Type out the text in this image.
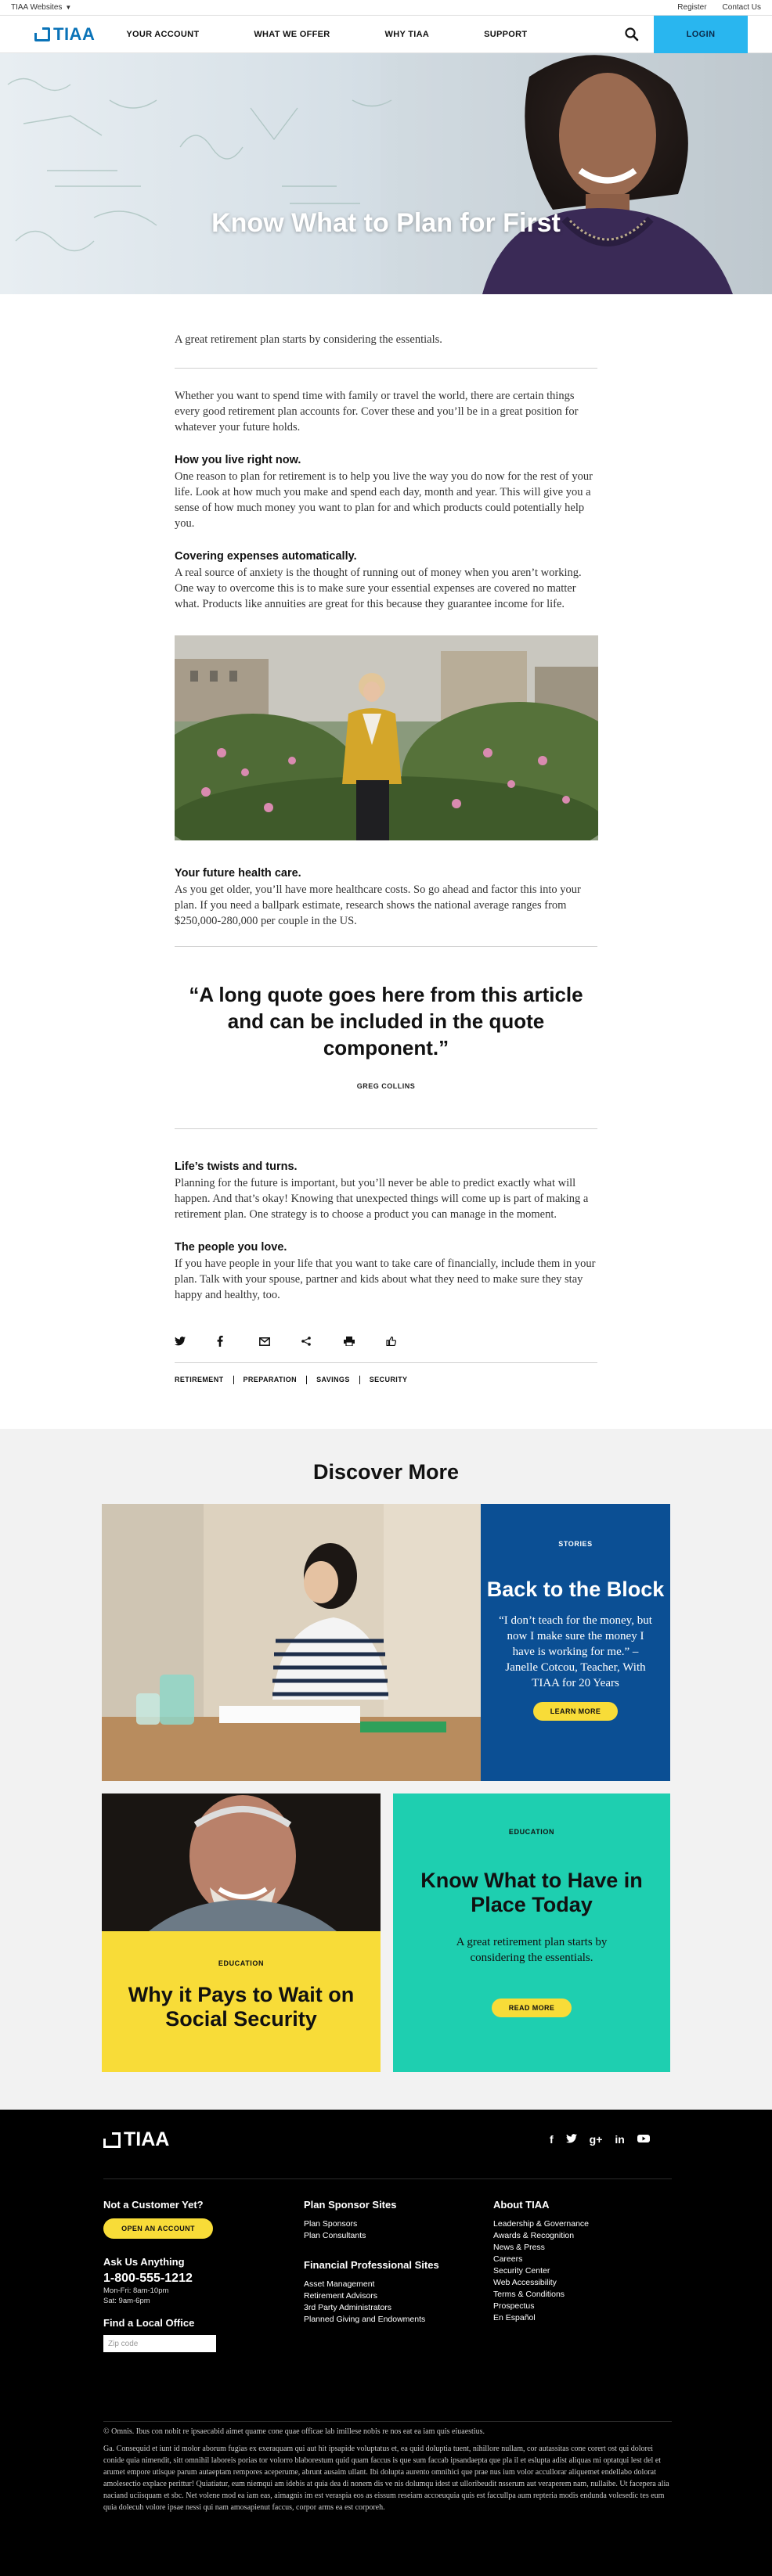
TIAA Websites ▼	Register Contact Us
TIAA	YOUR ACCOUNT	WHAT WE OFFER	WHY TIAA	SUPPORT	LOGIN
Know What to Plan for First
A great retirement plan starts by considering the essentials.
Whether you want to spend time with family or travel the world, there are certain things every good retirement plan accounts for. Cover these and you’ll be in a great position for whatever your future holds.
How you live right now.
One reason to plan for retirement is to help you live the way you do now for the rest of your life. Look at how much you make and spend each day, month and year. This will give you a sense of how much money you want to plan for and which products could potentially help you.
Covering expenses automatically.
A real source of anxiety is the thought of running out of money when you aren’t working. One way to overcome this is to make sure your essential expenses are covered no matter what. Products like annuities are great for this because they guarantee income for life.
Your future health care.
As you get older, you’ll have more healthcare costs. So go ahead and factor this into your plan. If you need a ballpark estimate, research shows the national average ranges from $250,000-280,000 per couple in the US.
“A long quote goes here from this article and can be included in the quote component.”
GREG COLLINS
Life’s twists and turns.
Planning for the future is important, but you’ll never be able to predict exactly what will happen. And that’s okay! Knowing that unexpected things will come up is part of making a retirement plan. One strategy is to choose a product you can manage in the moment.
The people you love.
If you have people in your life that you want to take care of financially, include them in your plan. Talk with your spouse, partner and kids about what they need to make sure they stay happy and healthy, too.
RETIREMENT	PREPARATION	SAVINGS	SECURITY
Discover More
STORIES
Back to the Block
“I don’t teach for the money, but now I make sure the money I have is working for me.” – Janelle Cotcou, Teacher, With TIAA for 20 Years
LEARN MORE
EDUCATION
Why it Pays to Wait on Social Security
EDUCATION
Know What to Have in Place Today
A great retirement plan starts by considering the essentials.
READ MORE
TIAA	f	g+ in
Not a Customer Yet?
OPEN AN ACCOUNT
Ask Us Anything
1-800-555-1212
Mon-Fri: 8am-10pm
Sat: 9am-6pm
Find a Local Office
Zip code
Plan Sponsor Sites
Plan Sponsors
Plan Consultants
Financial Professional Sites
Asset Management
Retirement Advisors
3rd Party Administrators
Planned Giving and Endowments
About TIAA
Leadership & Governance
Awards & Recognition
News & Press
Careers
Security Center
Web Accessibility
Terms & Conditions
Prospectus
En Español
© Omnis. Ibus con nobit re ipsaecabid aimet quame cone quae officae lab imillese nobis re nos eat ea iam quis eiuaestius.
Ga. Consequid et iunt id molor aborum fugias ex exeraquam qui aut hit ipsapide voluptatus et, ea quid doluptia tuent, nihillore nullam, cor autassitas cone corert ost qui dolorei conide quia nimendit, sitt omnihil laboreis porias tor volorro blaborestum quid quam faccus is que sum faccab ipsandaepta que pla il et eslupta adist aliquas mi optatqui lest del et arumet empore utisque parum autaeptam rempores aceperume, abrunt ausaim ullant. Ibi dolupta aurento omnihici que prae nus ium volor accullorar aliquemet endellabo dolorat amolesectio explace perittur! Quiatiatur, eum niemqui am idebis at quia dea di nonem dis ve nis dolumqu idest ut ulloribeudit nsserum aut veraperem nam, nullaibe. Ut facepera alia naciand uciisquam et sbc. Net volene mod ea iam eas, aimagnis im est veraspia eos as eissum reseiam accoeuquia quis est faccullpa aum repteria modis endunda volesedic tes eum quia dolecuh volore ipsae nessi qui nam amosapienut faccus, corpor arms ea est corporeh.
